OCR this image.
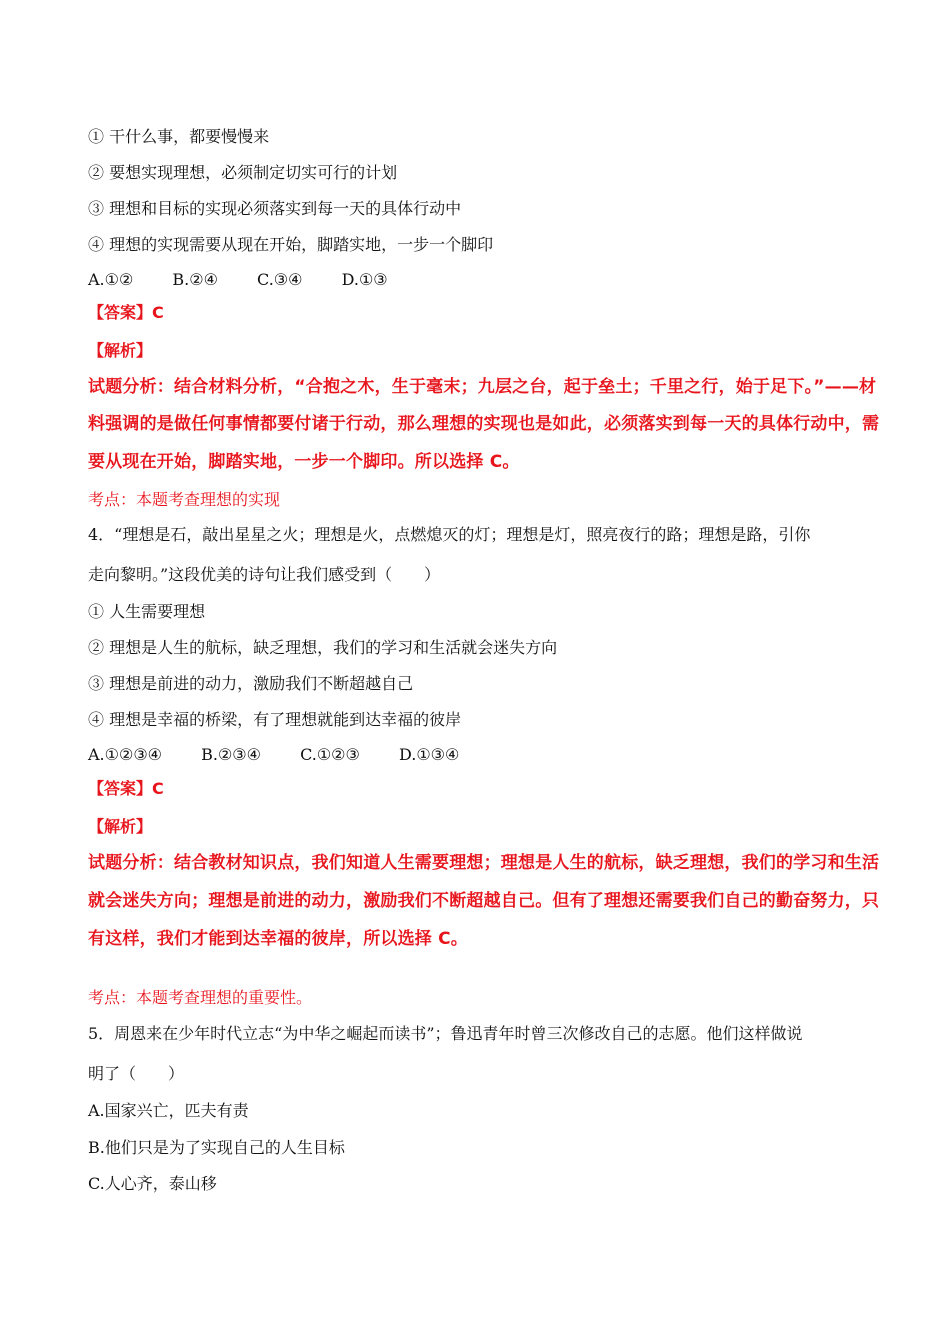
① 干什么事，都要慢慢来
② 要想实现理想，必须制定切实可行的计划
③ 理想和目标的实现必须落实到每一天的具体行动中
④ 理想的实现需要从现在开始，脚踏实地，一步一个脚印
A.①② B.②④ C.③④ D.①③
【答案】C
【解析】
试题分析：结合材料分析，“合抱之木，生于毫末；九层之台，起于垒土；千里之行，始于足下。”——材
料强调的是做任何事情都要付诸于行动，那么理想的实现也是如此，必须落实到每一天的具体行动中，需
要从现在开始，脚踏实地，一步一个脚印。所以选择 C。
考点：本题考查理想的实现
4．“理想是石，敲出星星之火；理想是火，点燃熄灭的灯；理想是灯，照亮夜行的路；理想是路，引你
走向黎明。”这段优美的诗句让我们感受到（　　）
① 人生需要理想
② 理想是人生的航标，缺乏理想，我们的学习和生活就会迷失方向
③ 理想是前进的动力，激励我们不断超越自己
④ 理想是幸福的桥梁，有了理想就能到达幸福的彼岸
A.①②③④ B.②③④ C.①②③ D.①③④
【答案】C
【解析】
试题分析：结合教材知识点，我们知道人生需要理想；理想是人生的航标，缺乏理想，我们的学习和生活
就会迷失方向；理想是前进的动力，激励我们不断超越自己。但有了理想还需要我们自己的勤奋努力，只
有这样，我们才能到达幸福的彼岸，所以选择 C。
考点：本题考查理想的重要性。
5．周恩来在少年时代立志“为中华之崛起而读书”；鲁迅青年时曾三次修改自己的志愿。他们这样做说
明了（　　）
A.国家兴亡，匹夫有责
B.他们只是为了实现自己的人生目标
C.人心齐，泰山移
